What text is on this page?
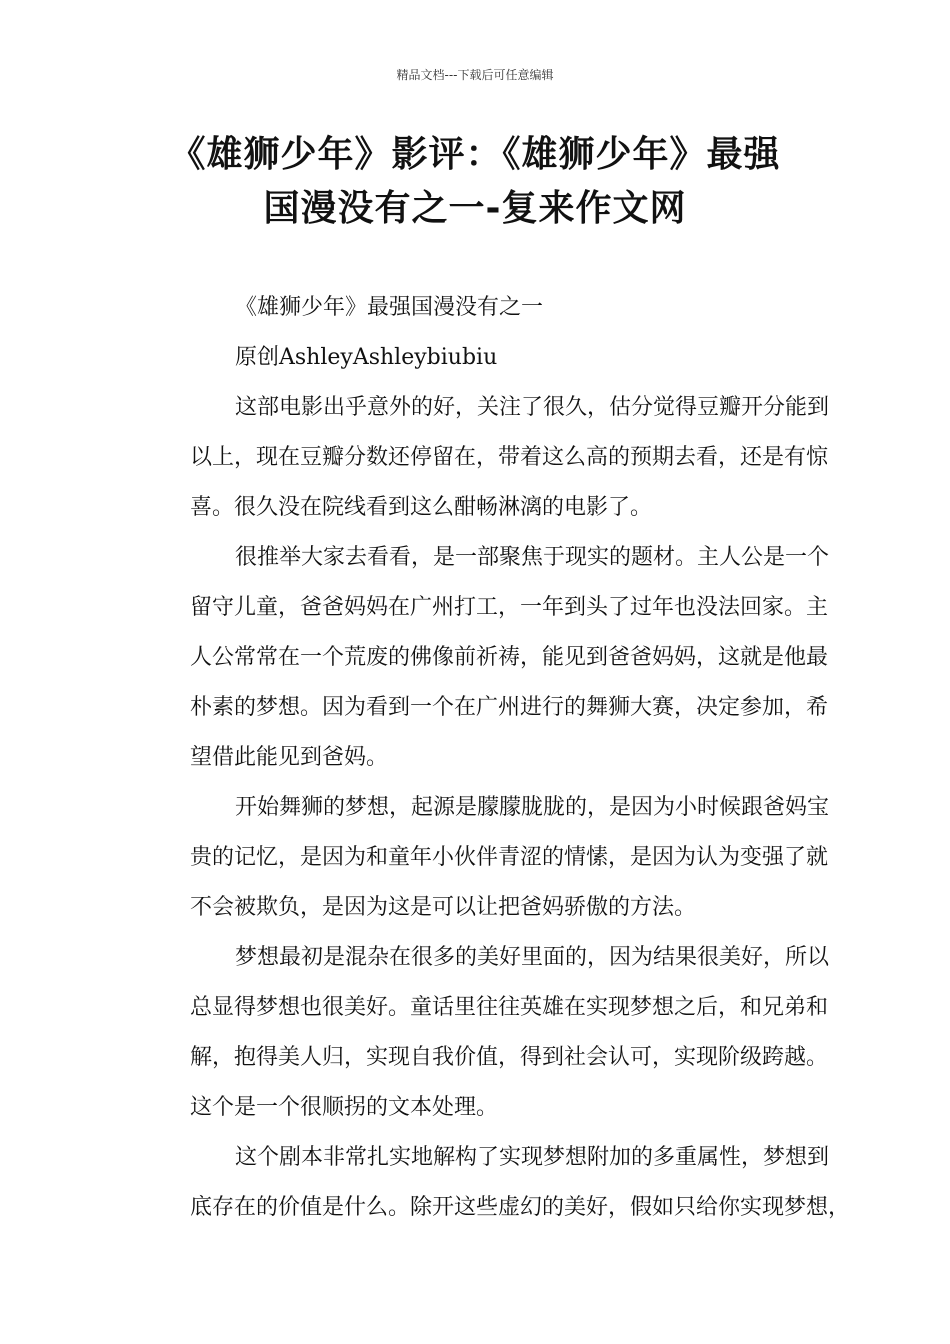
精品文档---下载后可任意编辑
《雄狮少年》影评：《雄狮少年》最强
国漫没有之一-复来作文网
《雄狮少年》最强国漫没有之一
原创AshleyAshleybiubiu
这部电影出乎意外的好，关注了很久，估分觉得豆瓣开分能到
以上，现在豆瓣分数还停留在，带着这么高的预期去看，还是有惊
喜。很久没在院线看到这么酣畅淋漓的电影了。
很推举大家去看看，是一部聚焦于现实的题材。主人公是一个
留守儿童，爸爸妈妈在广州打工，一年到头了过年也没法回家。主
人公常常在一个荒废的佛像前祈祷，能见到爸爸妈妈，这就是他最
朴素的梦想。因为看到一个在广州进行的舞狮大赛，决定参加，希
望借此能见到爸妈。
开始舞狮的梦想，起源是朦朦胧胧的，是因为小时候跟爸妈宝
贵的记忆，是因为和童年小伙伴青涩的情愫，是因为认为变强了就
不会被欺负，是因为这是可以让把爸妈骄傲的方法。
梦想最初是混杂在很多的美好里面的，因为结果很美好，所以
总显得梦想也很美好。童话里往往英雄在实现梦想之后，和兄弟和
解，抱得美人归，实现自我价值，得到社会认可，实现阶级跨越。
这个是一个很顺拐的文本处理。
这个剧本非常扎实地解构了实现梦想附加的多重属性，梦想到
底存在的价值是什么。除开这些虚幻的美好，假如只给你实现梦想，
